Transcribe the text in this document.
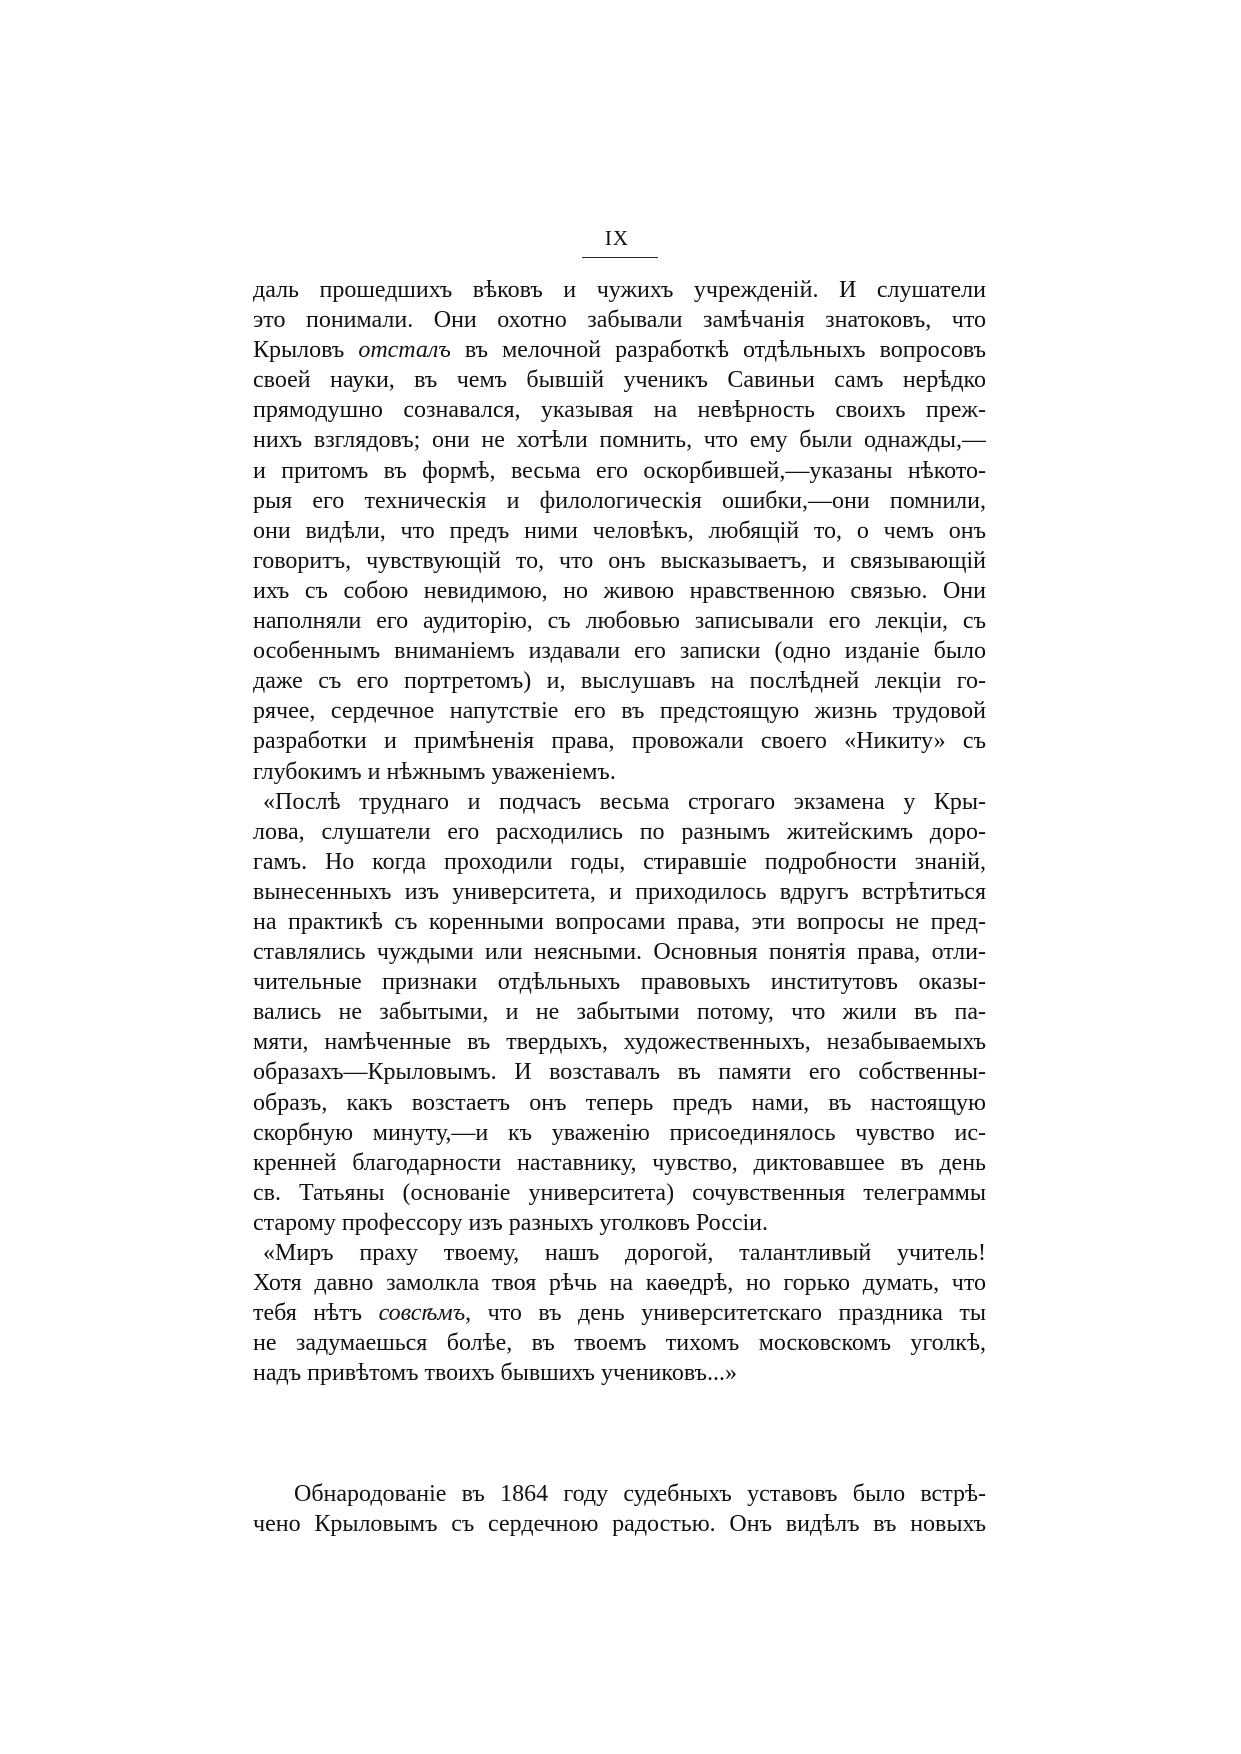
IX
даль прошедшихъ вѣковъ и чужихъ учрежденій. И слушатели
это понимали. Они охотно забывали замѣчанія знатоковъ, что
Крыловъ отсталъ въ мелочной разработкѣ отдѣльныхъ вопросовъ
своей науки, въ чемъ бывшій ученикъ Савиньи самъ нерѣдко
прямодушно сознавался, указывая на невѣрность своихъ преж-
нихъ взглядовъ; они не хотѣли помнить, что ему были однажды,—
и притомъ въ формѣ, весьма его оскорбившей,—указаны нѣкото-
рыя его техническія и филологическія ошибки,—они помнили,
они видѣли, что предъ ними человѣкъ, любящій то, о чемъ онъ
говоритъ, чувствующій то, что онъ высказываетъ, и связывающій
ихъ съ собою невидимою, но живою нравственною связью. Они
наполняли его аудиторію, съ любовью записывали его лекціи, съ
особеннымъ вниманіемъ издавали его записки (одно изданіе было
даже съ его портретомъ) и, выслушавъ на послѣдней лекціи го-
рячее, сердечное напутствіе его въ предстоящую жизнь трудовой
разработки и примѣненія права, провожали своего «Никиту» съ
глубокимъ и нѣжнымъ уваженіемъ.
«Послѣ труднаго и подчасъ весьма строгаго экзамена у Кры-
лова, слушатели его расходились по разнымъ житейскимъ доро-
гамъ. Но когда проходили годы, стиравшіе подробности знаній,
вынесенныхъ изъ университета, и приходилось вдругъ встрѣтиться
на практикѣ съ коренными вопросами права, эти вопросы не пред-
ставлялись чуждыми или неясными. Основныя понятія права, отли-
чительные признаки отдѣльныхъ правовыхъ институтовъ оказы-
вались не забытыми, и не забытыми потому, что жили въ па-
мяти, намѣченные въ твердыхъ, художественныхъ, незабываемыхъ
образахъ—Крыловымъ. И возставалъ въ памяти его собственны-
образъ, какъ возстаетъ онъ теперь предъ нами, въ настоящую
скорбную минуту,—и къ уваженію присоединялось чувство ис-
кренней благодарности наставнику, чувство, диктовавшее въ день
св. Татьяны (основаніе университета) сочувственныя телеграммы
старому профессору изъ разныхъ уголковъ Россіи.
«Миръ праху твоему, нашъ дорогой, талантливый учитель!
Хотя давно замолкла твоя рѣчь на каѳедрѣ, но горько думать, что
тебя нѣтъ совсѣмъ, что въ день университетскаго праздника ты
не задумаешься болѣе, въ твоемъ тихомъ московскомъ уголкѣ,
надъ привѣтомъ твоихъ бывшихъ учениковъ...»
Обнародованіе въ 1864 году судебныхъ уставовъ было встрѣ-
чено Крыловымъ съ сердечною радостью. Онъ видѣлъ въ новыхъ
